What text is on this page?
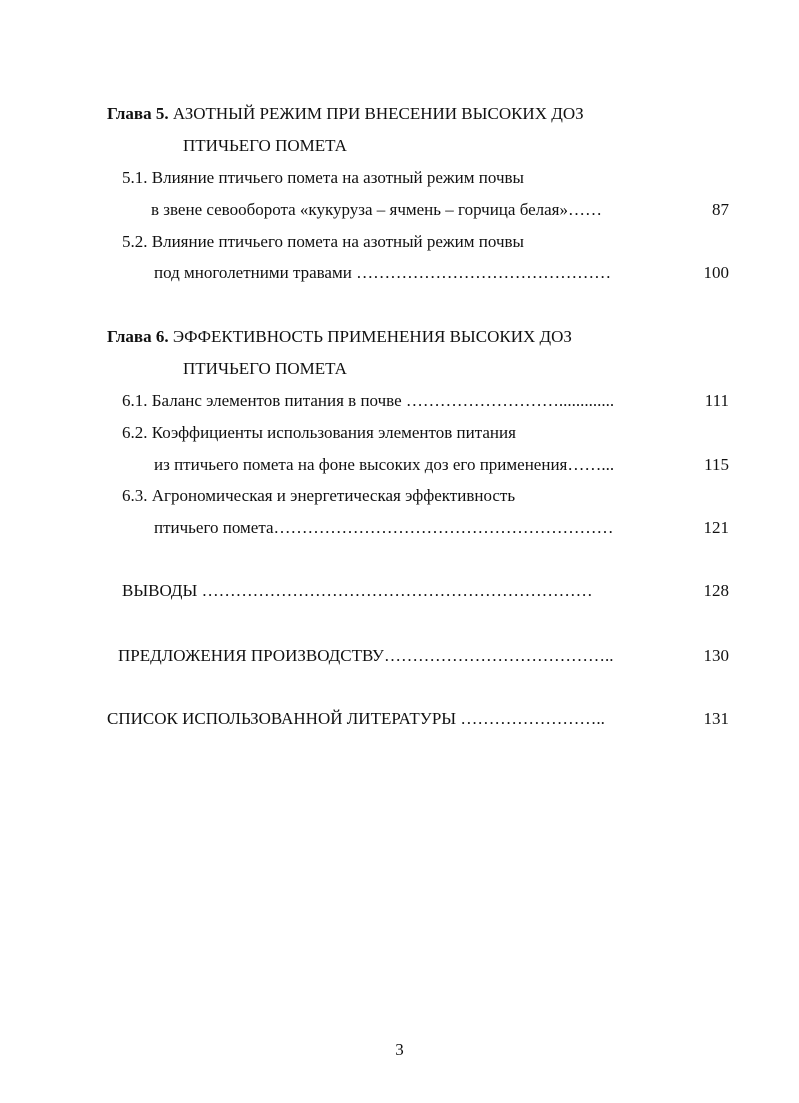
Глава 5. АЗОТНЫЙ РЕЖИМ ПРИ ВНЕСЕНИИ ВЫСОКИХ ДОЗ
ПТИЧЬЕГО ПОМЕТА
5.1. Влияние птичьего помета на азотный режим почвы
в звене севооборота «кукуруза – ячмень – горчица белая»……	87
5.2. Влияние птичьего помета на азотный режим почвы
под многолетними травами ………………………………………	100
Глава 6. ЭФФЕКТИВНОСТЬ ПРИМЕНЕНИЯ ВЫСОКИХ ДОЗ
ПТИЧЬЕГО ПОМЕТА
6.1. Баланс элементов питания в почве ……………………….............	111
6.2. Коэффициенты использования элементов питания
из птичьего помета на фоне высоких доз его применения……...	115
6.3. Агрономическая и энергетическая эффективность
птичьего помета……………………………………………………	121
ВЫВОДЫ ……………………………………………………………	128
ПРЕДЛОЖЕНИЯ ПРОИЗВОДСТВУ…………………………………..	130
СПИСОК ИСПОЛЬЗОВАННОЙ ЛИТЕРАТУРЫ ……………………..	131
3
